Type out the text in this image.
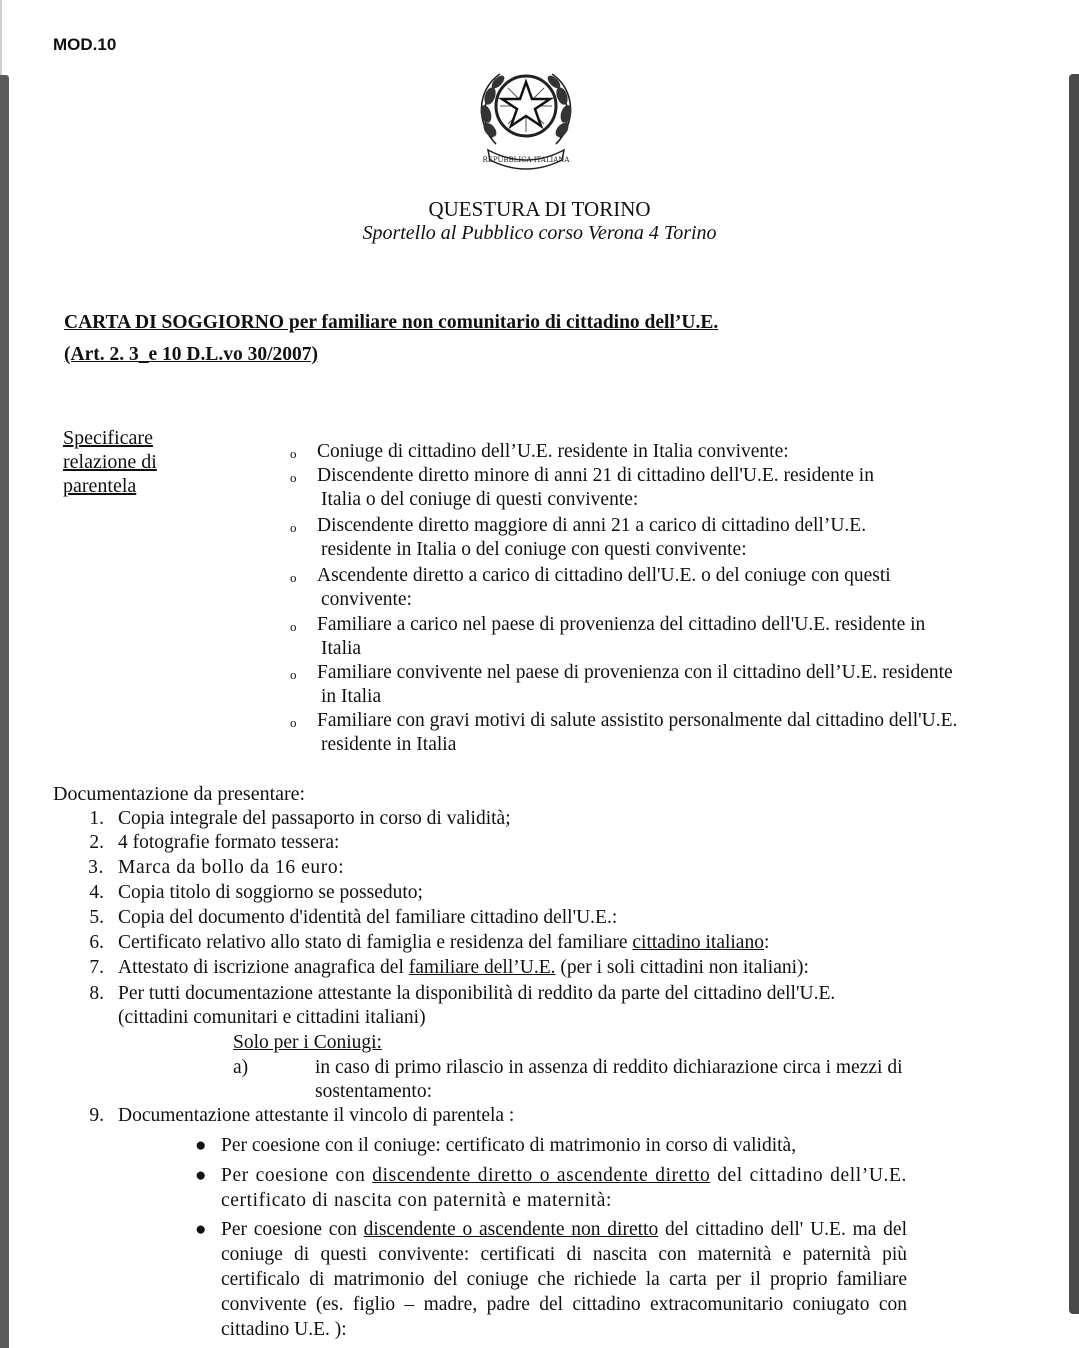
MOD.10
REPUBBLICA ITALIANA
QUESTURA DI TORINO
Sportello al Pubblico corso Verona 4 Torino
CARTA DI SOGGIORNO per familiare non comunitario di cittadino dell’U.E.
(Art. 2. 3_e 10 D.L.vo 30/2007)
Specificare
relazione di
parentela
o Coniuge di cittadino dell’U.E. residente in Italia convivente:
o Discendente diretto minore di anni 21 di cittadino dell'U.E. residente in
Italia o del coniuge di questi convivente:
o Discendente diretto maggiore di anni 21 a carico di cittadino dell’U.E.
residente in Italia o del coniuge con questi convivente:
o Ascendente diretto a carico di cittadino dell'U.E. o del coniuge con questi
convivente:
o Familiare a carico nel paese di provenienza del cittadino dell'U.E. residente in
Italia
o Familiare convivente nel paese di provenienza con il cittadino dell’U.E. residente
in Italia
o Familiare con gravi motivi di salute assistito personalmente dal cittadino dell'U.E.
residente in Italia
Documentazione da presentare:
1. Copia integrale del passaporto in corso di validità;
2. 4 fotografie formato tessera:
3. Marca da bollo da 16 euro:
4. Copia titolo di soggiorno se posseduto;
5. Copia del documento d'identità del familiare cittadino dell'U.E.:
6. Certificato relativo allo stato di famiglia e residenza del familiare cittadino italiano:
7. Attestato di iscrizione anagrafica del familiare dell’U.E. (per i soli cittadini non italiani):
8. Per tutti documentazione attestante la disponibilità di reddito da parte del cittadino dell'U.E.
(cittadini comunitari e cittadini italiani)
9. Documentazione attestante il vincolo di parentela :
Solo per i Coniugi:
a)	in caso di primo rilascio in assenza di reddito dichiarazione circa i mezzi di
sostentamento:
● Per coesione con il coniuge: certificato di matrimonio in corso di validità,
● Per coesione con discendente diretto o ascendente diretto del cittadino dell’U.E. certificato di nascita con paternità e maternità:
● Per coesione con discendente o ascendente non diretto del cittadino dell' U.E. ma del coniuge di questi convivente: certificati di nascita con maternità e paternità più certificalo di matrimonio del coniuge che richiede la carta per il proprio familiare convivente (es. figlio – madre, padre del cittadino extracomunitario coniugato con cittadino U.E. ):
